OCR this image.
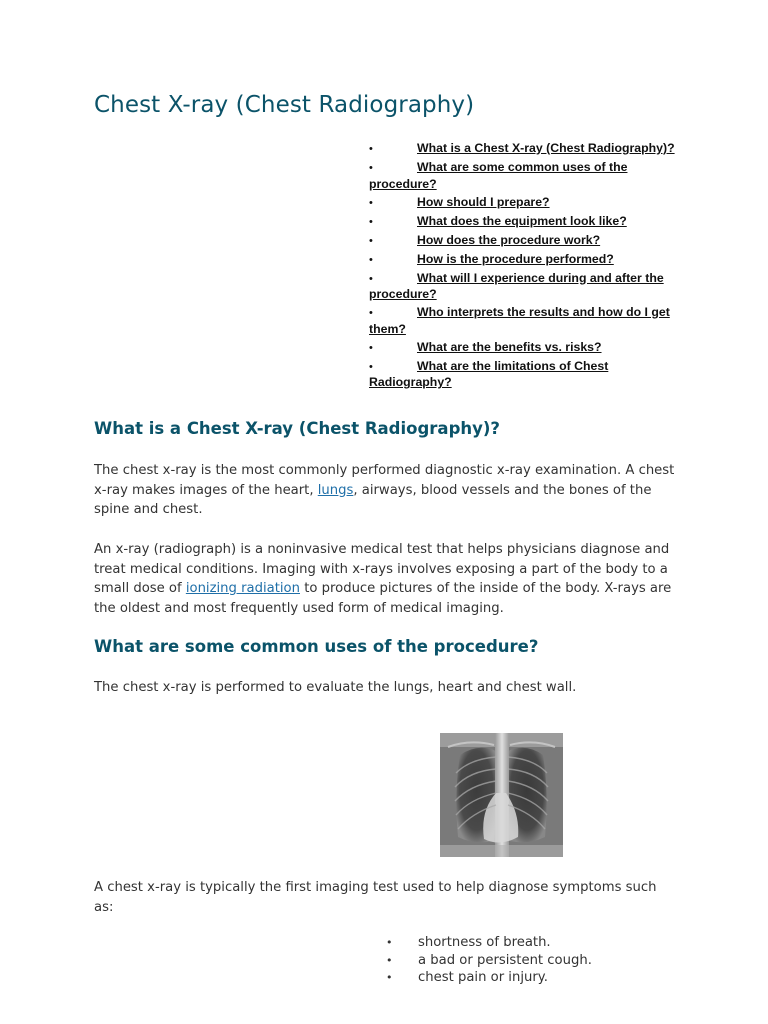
Chest X-ray (Chest Radiography)
•	What is a Chest X-ray (Chest Radiography)?
•	What are some common uses of the procedure?
•	How should I prepare?
•	What does the equipment look like?
•	How does the procedure work?
•	How is the procedure performed?
•	What will I experience during and after the procedure?
•	Who interprets the results and how do I get them?
•	What are the benefits vs. risks?
•	What are the limitations of Chest Radiography?
What is a Chest X-ray (Chest Radiography)?

The chest x-ray is the most commonly performed diagnostic x-ray examination. A chest x-ray makes images of the heart, lungs, airways, blood vessels and the bones of the spine and chest.

An x-ray (radiograph) is a noninvasive medical test that helps physicians diagnose and treat medical conditions. Imaging with x-rays involves exposing a part of the body to a small dose of ionizing radiation to produce pictures of the inside of the body. X-rays are the oldest and most frequently used form of medical imaging.

What are some common uses of the procedure?

The chest x-ray is performed to evaluate the lungs, heart and chest wall.

A chest x-ray is typically the first imaging test used to help diagnose symptoms such as:

• shortness of breath.
• a bad or persistent cough.
• chest pain or injury.
